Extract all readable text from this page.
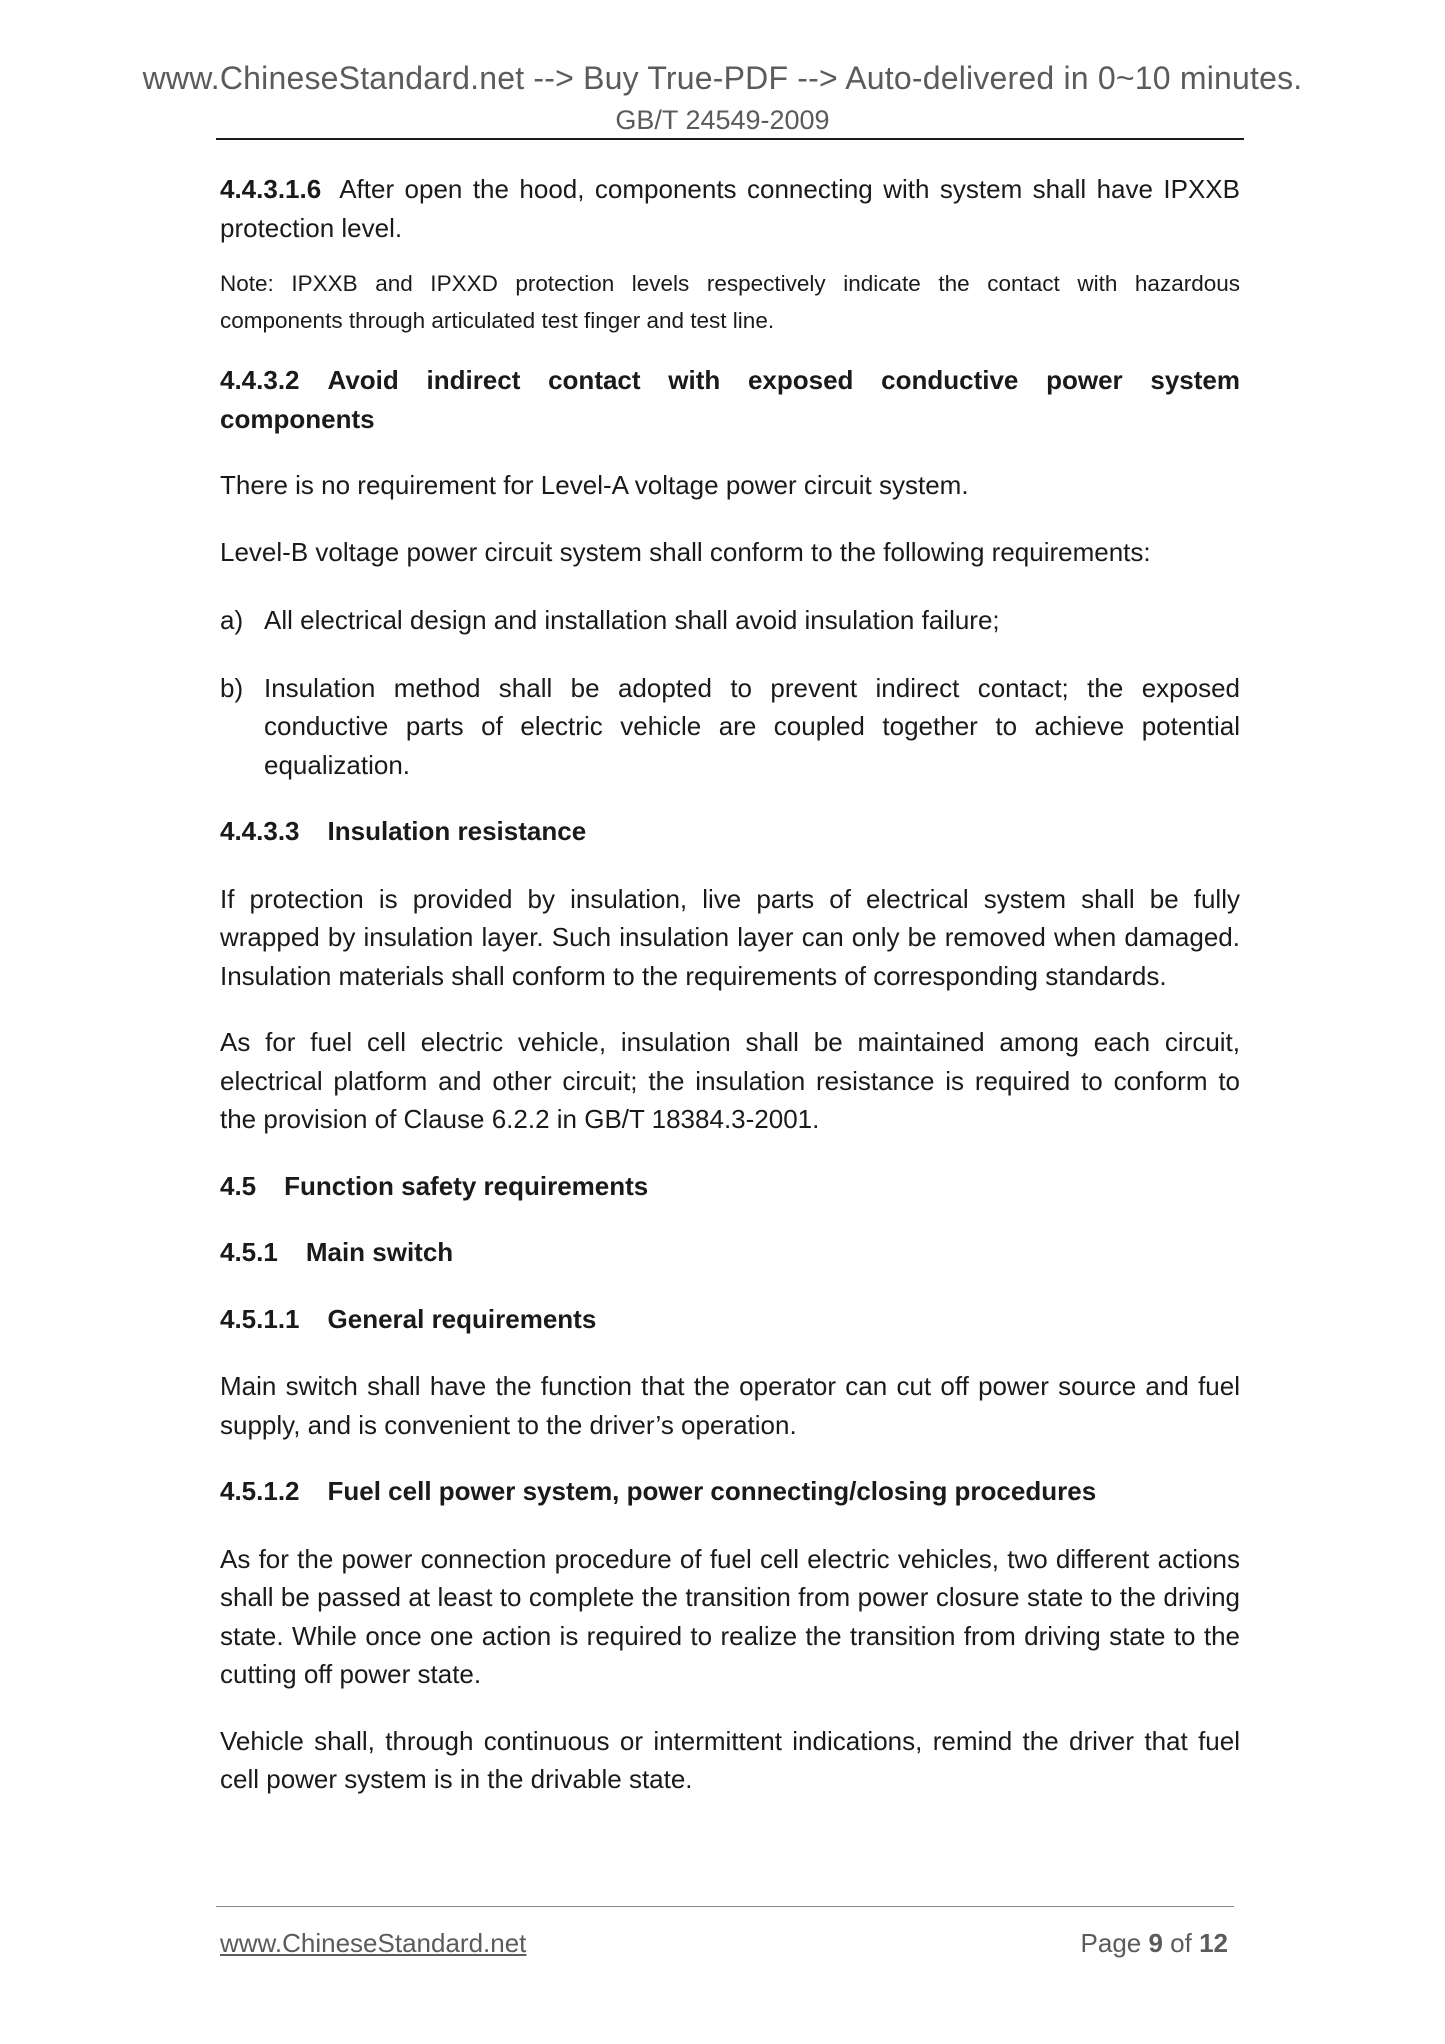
www.ChineseStandard.net --> Buy True-PDF --> Auto-delivered in 0~10 minutes.
GB/T 24549-2009

4.4.3.1.6 After open the hood, components connecting with system shall have IPXXB protection level.

Note: IPXXB and IPXXD protection levels respectively indicate the contact with hazardous components through articulated test finger and test line.

4.4.3.2 Avoid indirect contact with exposed conductive power system components

There is no requirement for Level-A voltage power circuit system.

Level-B voltage power circuit system shall conform to the following requirements:

a) All electrical design and installation shall avoid insulation failure;
b) Insulation method shall be adopted to prevent indirect contact; the exposed conductive parts of electric vehicle are coupled together to achieve potential equalization.

4.4.3.3 Insulation resistance

If protection is provided by insulation, live parts of electrical system shall be fully wrapped by insulation layer. Such insulation layer can only be removed when damaged. Insulation materials shall conform to the requirements of corresponding standards.

As for fuel cell electric vehicle, insulation shall be maintained among each circuit, electrical platform and other circuit; the insulation resistance is required to conform to the provision of Clause 6.2.2 in GB/T 18384.3-2001.

4.5 Function safety requirements

4.5.1 Main switch

4.5.1.1 General requirements

Main switch shall have the function that the operator can cut off power source and fuel supply, and is convenient to the driver’s operation.

4.5.1.2 Fuel cell power system, power connecting/closing procedures

As for the power connection procedure of fuel cell electric vehicles, two different actions shall be passed at least to complete the transition from power closure state to the driving state. While once one action is required to realize the transition from driving state to the cutting off power state.

Vehicle shall, through continuous or intermittent indications, remind the driver that fuel cell power system is in the drivable state.

www.ChineseStandard.net	Page 9 of 12
